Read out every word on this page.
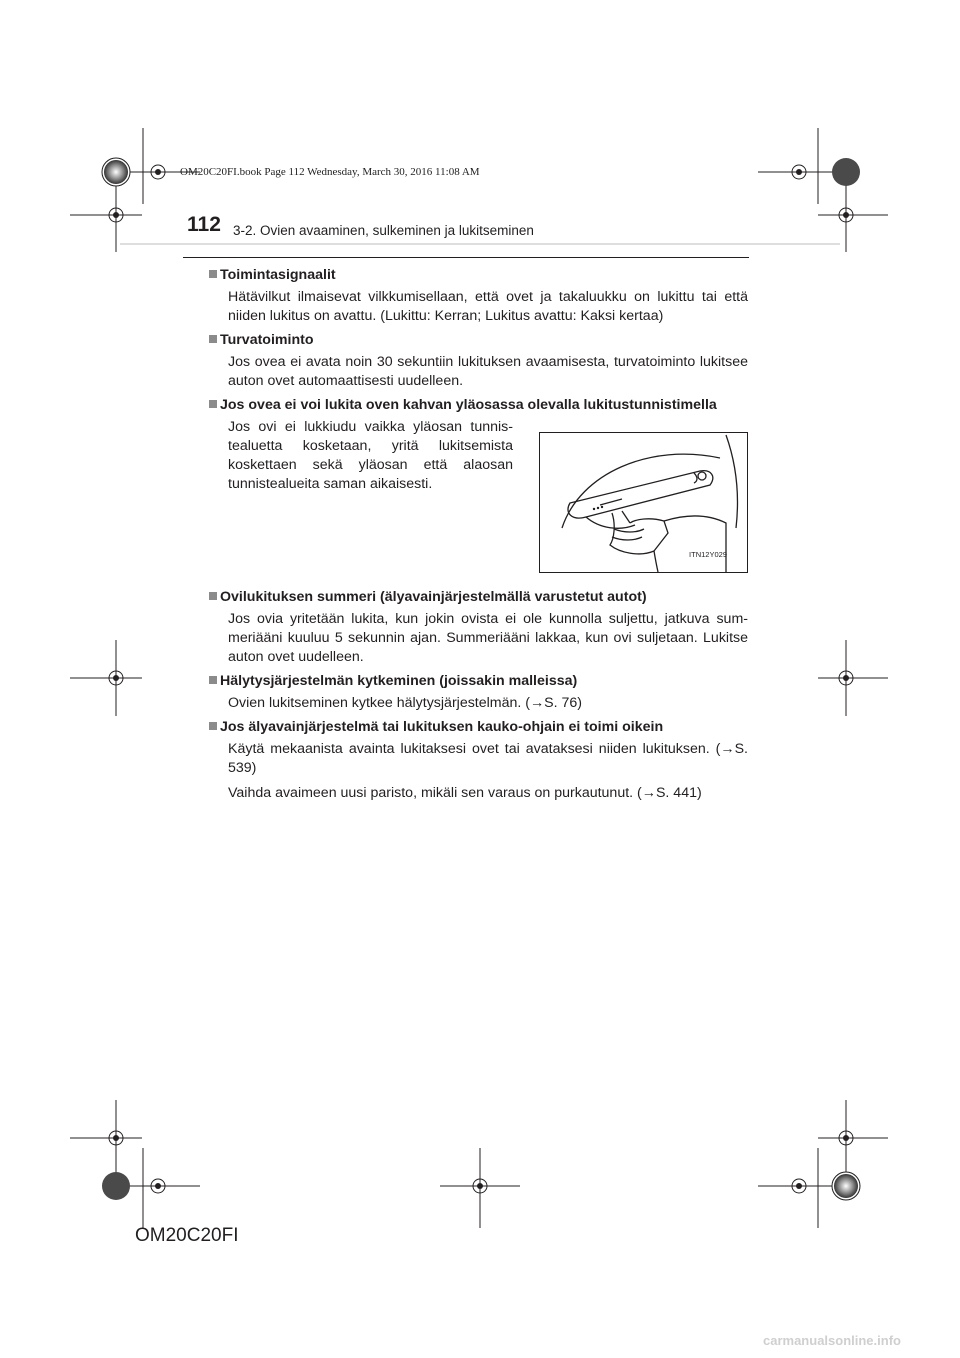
OM20C20FI.book Page 112 Wednesday, March 30, 2016 11:08 AM
112 3-2. Ovien avaaminen, sulkeminen ja lukitseminen
Toimintasignaalit

Hätävilkut ilmaisevat vilkkumisellaan, että ovet ja takaluukku on lukittu tai että niiden lukitus on avattu. (Lukittu: Kerran; Lukitus avattu: Kaksi kertaa)

Turvatoiminto

Jos ovea ei avata noin 30 sekuntiin lukituksen avaamisesta, turvatoiminto lukitsee auton ovet automaattisesti uudelleen.

Jos ovea ei voi lukita oven kahvan yläosassa olevalla lukitustunnistimella

Jos ovi ei lukkiudu vaikka yläosan tunnis- tealuetta kosketaan, yritä lukitsemista koskettaen sekä yläosan että alaosan tunnistealueita saman aikaisesti.

ITN12Y029
Ovilukituksen summeri (älyavainjärjestelmällä varustetut autot)

Jos ovia yritetään lukita, kun jokin ovista ei ole kunnolla suljettu, jatkuva sum- meriääni kuuluu 5 sekunnin ajan. Summeriääni lakkaa, kun ovi suljetaan. Lukitse auton ovet uudelleen.

Hälytysjärjestelmän kytkeminen (joissakin malleissa)

Ovien lukitseminen kytkee hälytysjärjestelmän. (→S. 76)

Jos älyavainjärjestelmä tai lukituksen kauko-ohjain ei toimi oikein

Käytä mekaanista avainta lukitaksesi ovet tai avataksesi niiden lukituksen. (→S. 539)

Vaihda avaimeen uusi paristo, mikäli sen varaus on purkautunut. (→S. 441)

OM20C20FI
carmanualsonline.info
